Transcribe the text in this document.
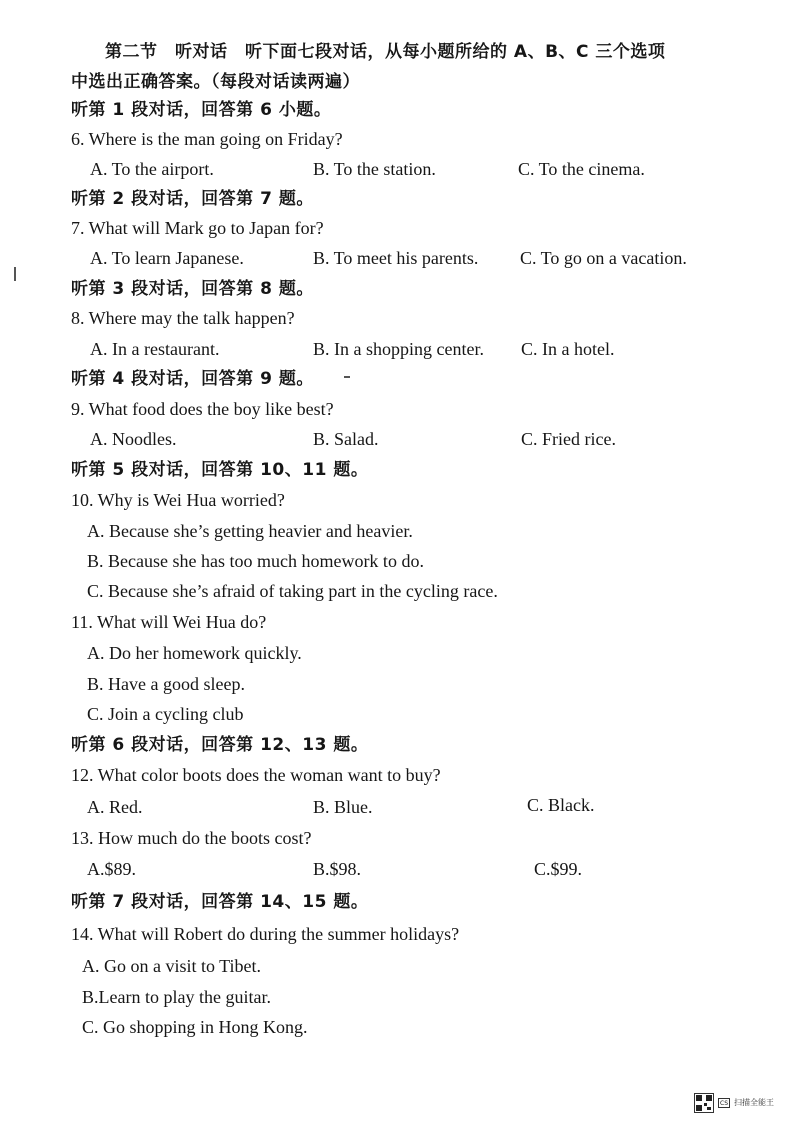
第二节　听对话　听下面七段对话，从每小题所给的 A、B、C 三个选项
中选出正确答案。（每段对话读两遍）
听第 1 段对话，回答第 6 小题。
6. Where is the man going on Friday?
A. To the airport.	B. To the station.	C. To the cinema.
听第 2 段对话，回答第 7 题。
7. What will Mark go to Japan for?
A. To learn Japanese.	B. To meet his parents. C. To go on a vacation.
听第 3 段对话，回答第 8 题。
8. Where may the talk happen?
A. In a restaurant.	B. In a shopping center. C. In a hotel.
听第 4 段对话，回答第 9 题。
9. What food does the boy like best?
A. Noodles.	B. Salad.	C. Fried rice.
听第 5 段对话，回答第 10、11 题。
10. Why is Wei Hua worried?
A. Because she’s getting heavier and heavier.
B. Because she has too much homework to do.
C. Because she’s afraid of taking part in the cycling race.
11. What will Wei Hua do?
A. Do her homework quickly.
B. Have a good sleep.
C. Join a cycling club
听第 6 段对话，回答第 12、13 题。
12. What color boots does the woman want to buy?
A. Red.	B. Blue.	C. Black.
13. How much do the boots cost?
A.$89.	B.$98.	C.$99.
听第 7 段对话，回答第 14、15 题。
14. What will Robert do during the summer holidays?
A. Go on a visit to Tibet.
B.Learn to play the guitar.
C. Go shopping in Hong Kong.
CS 扫描全能王
